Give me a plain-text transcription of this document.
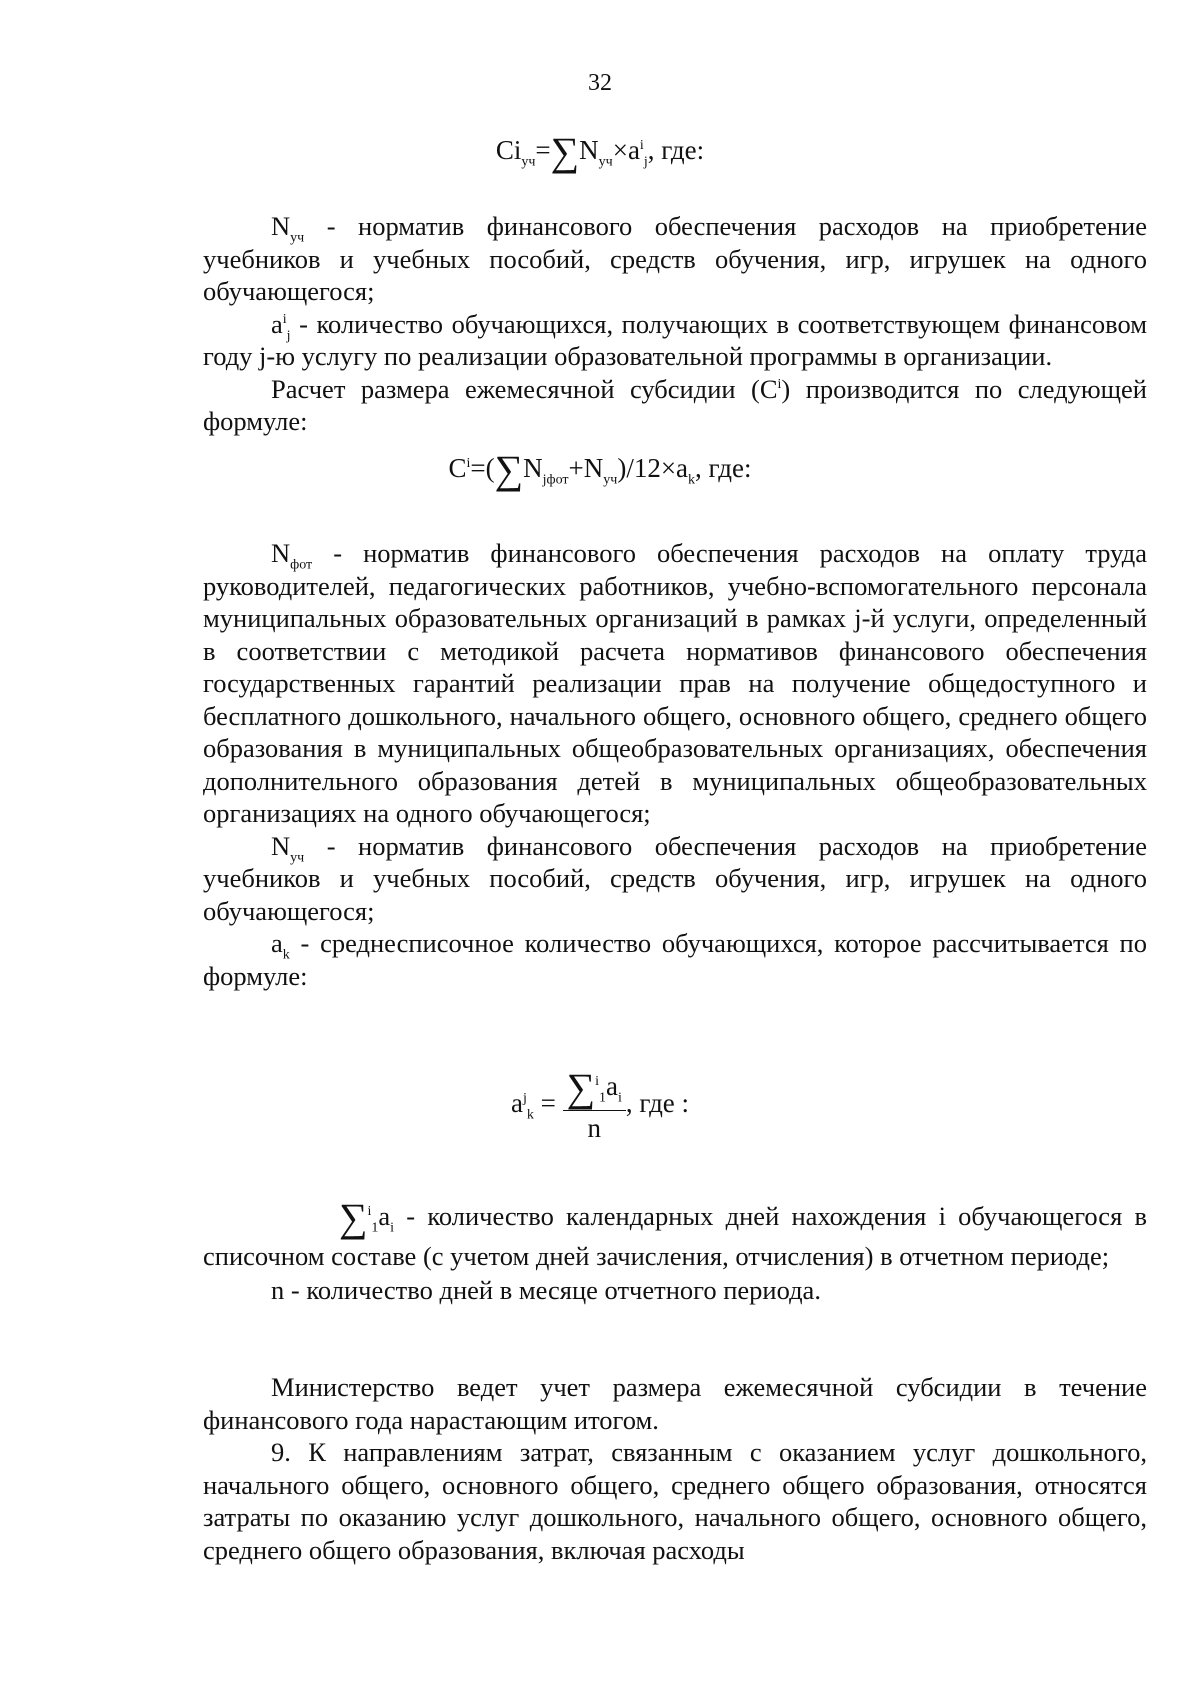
32
$Ci_{уч}=\sum N_{уч}\times a^i_j$, где:

$N_{уч}$ - норматив финансового обеспечения расходов на приобретение учебников и учебных пособий, средств обучения, игр, игрушек на одного обучающегося;

$a^i_j$ - количество обучающихся, получающих в соответствующем финансовом году j-ю услугу по реализации образовательной программы в организации.

Расчет размера ежемесячной субсидии $(C^i)$ производится по следующей формуле:

$C^i=(\sum N_{jфот}+N_{уч})/12\times a_k$, где:

$N_{фот}$ - норматив финансового обеспечения расходов на оплату труда руководителей, педагогических работников, учебно-вспомогательного персонала муниципальных образовательных организаций в рамках j-й услуги, определенный в соответствии с методикой расчета нормативов финансового обеспечения государственных гарантий реализации прав на получение общедоступного и бесплатного дошкольного, начального общего, основного общего, среднего общего образования в муниципальных общеобразовательных организациях, обеспечения дополнительного образования детей в муниципальных общеобразовательных организациях на одного обучающегося;

$N_{уч}$ - норматив финансового обеспечения расходов на приобретение учебников и учебных пособий, средств обучения, игр, игрушек на одного обучающегося;

$a_k$ - среднесписочное количество обучающихся, которое рассчитывается по формуле:

$a^j_k = \frac{\sum^i_1a_i}{n}$ , где :

$\sum^i_1a_i$ - количество календарных дней нахождения i обучающегося в списочном составе (с учетом дней зачисления, отчисления) в отчетном периоде;

n - количество дней в месяце отчетного периода.

Министерство ведет учет размера ежемесячной субсидии в течение финансового года нарастающим итогом.

9. К направлениям затрат, связанным с оказанием услуг дошкольного, начального общего, основного общего, среднего общего образования, относятся затраты по оказанию услуг дошкольного, начального общего, основного общего, среднего общего образования, включая расходы
